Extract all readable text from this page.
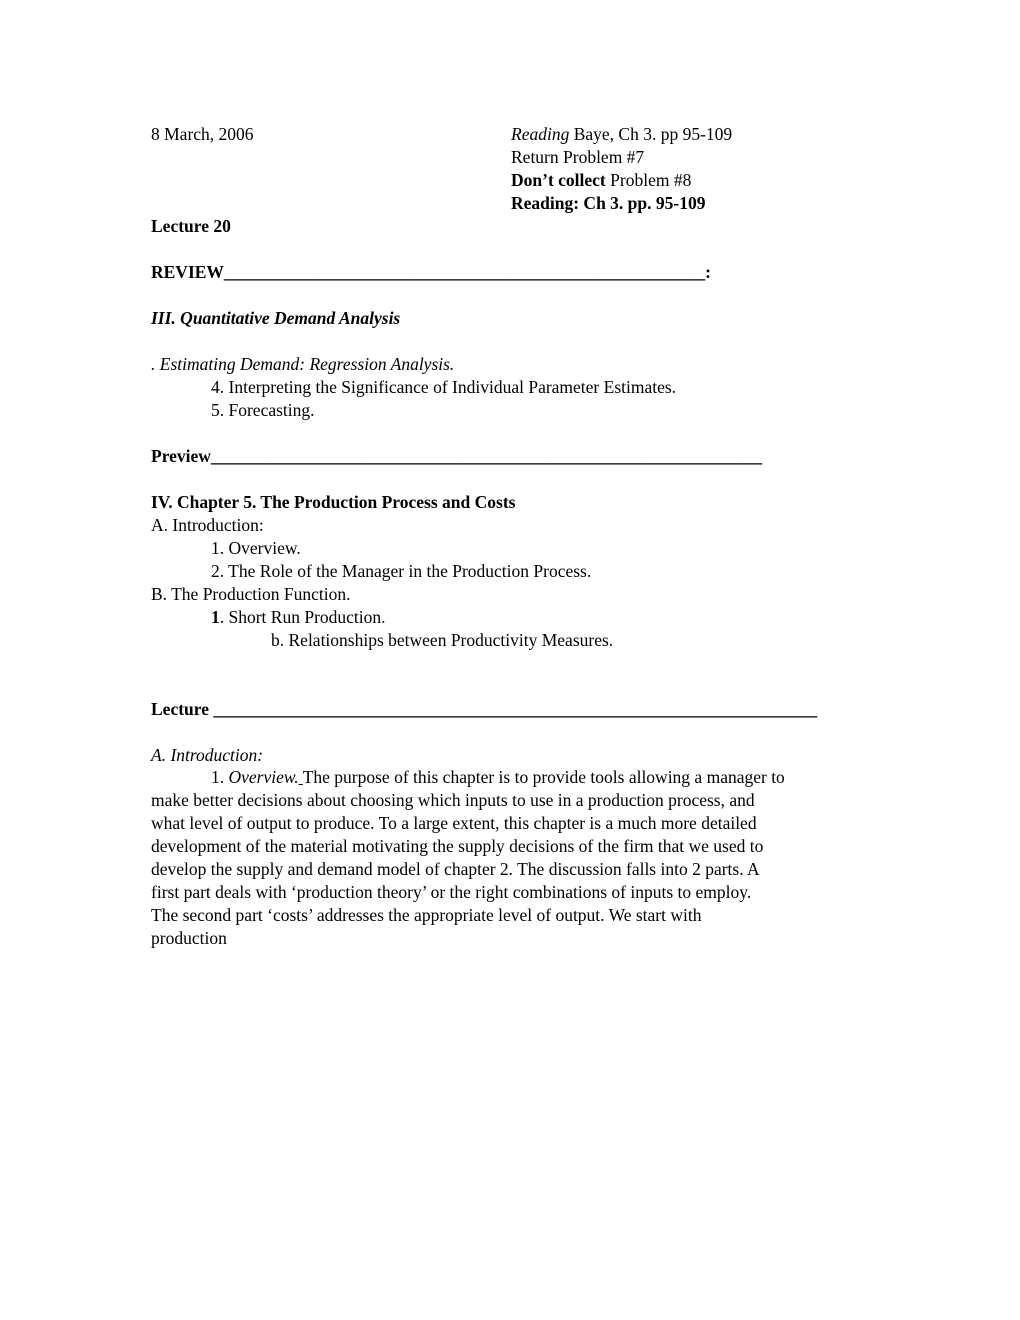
8 March, 2006	Reading Baye, Ch 3. pp 95-109
Return Problem #7
Don’t collect Problem #8
Reading: Ch 3. pp. 95-109
Lecture 20
REVIEW_______________________________________________________:
III. Quantitative Demand Analysis
. Estimating Demand: Regression Analysis.
4. Interpreting the Significance of Individual Parameter Estimates.
5. Forecasting.
Preview_______________________________________________________________
IV. Chapter 5. The Production Process and Costs
A. Introduction:
1. Overview.
2. The Role of the Manager in the Production Process.
B. The Production Function.
1. Short Run Production.
b. Relationships between Productivity Measures.
Lecture _____________________________________________________________________
A. Introduction:
1. Overview. The purpose of this chapter is to provide tools allowing a manager to
make better decisions about choosing which inputs to use in a production process, and
what level of output to produce. To a large extent, this chapter is a much more detailed
development of the material motivating the supply decisions of the firm that we used to
develop the supply and demand model of chapter 2. The discussion falls into 2 parts. A
first part deals with ‘production theory’ or the right combinations of inputs to employ.
The second part ‘costs’ addresses the appropriate level of output. We start with
production
